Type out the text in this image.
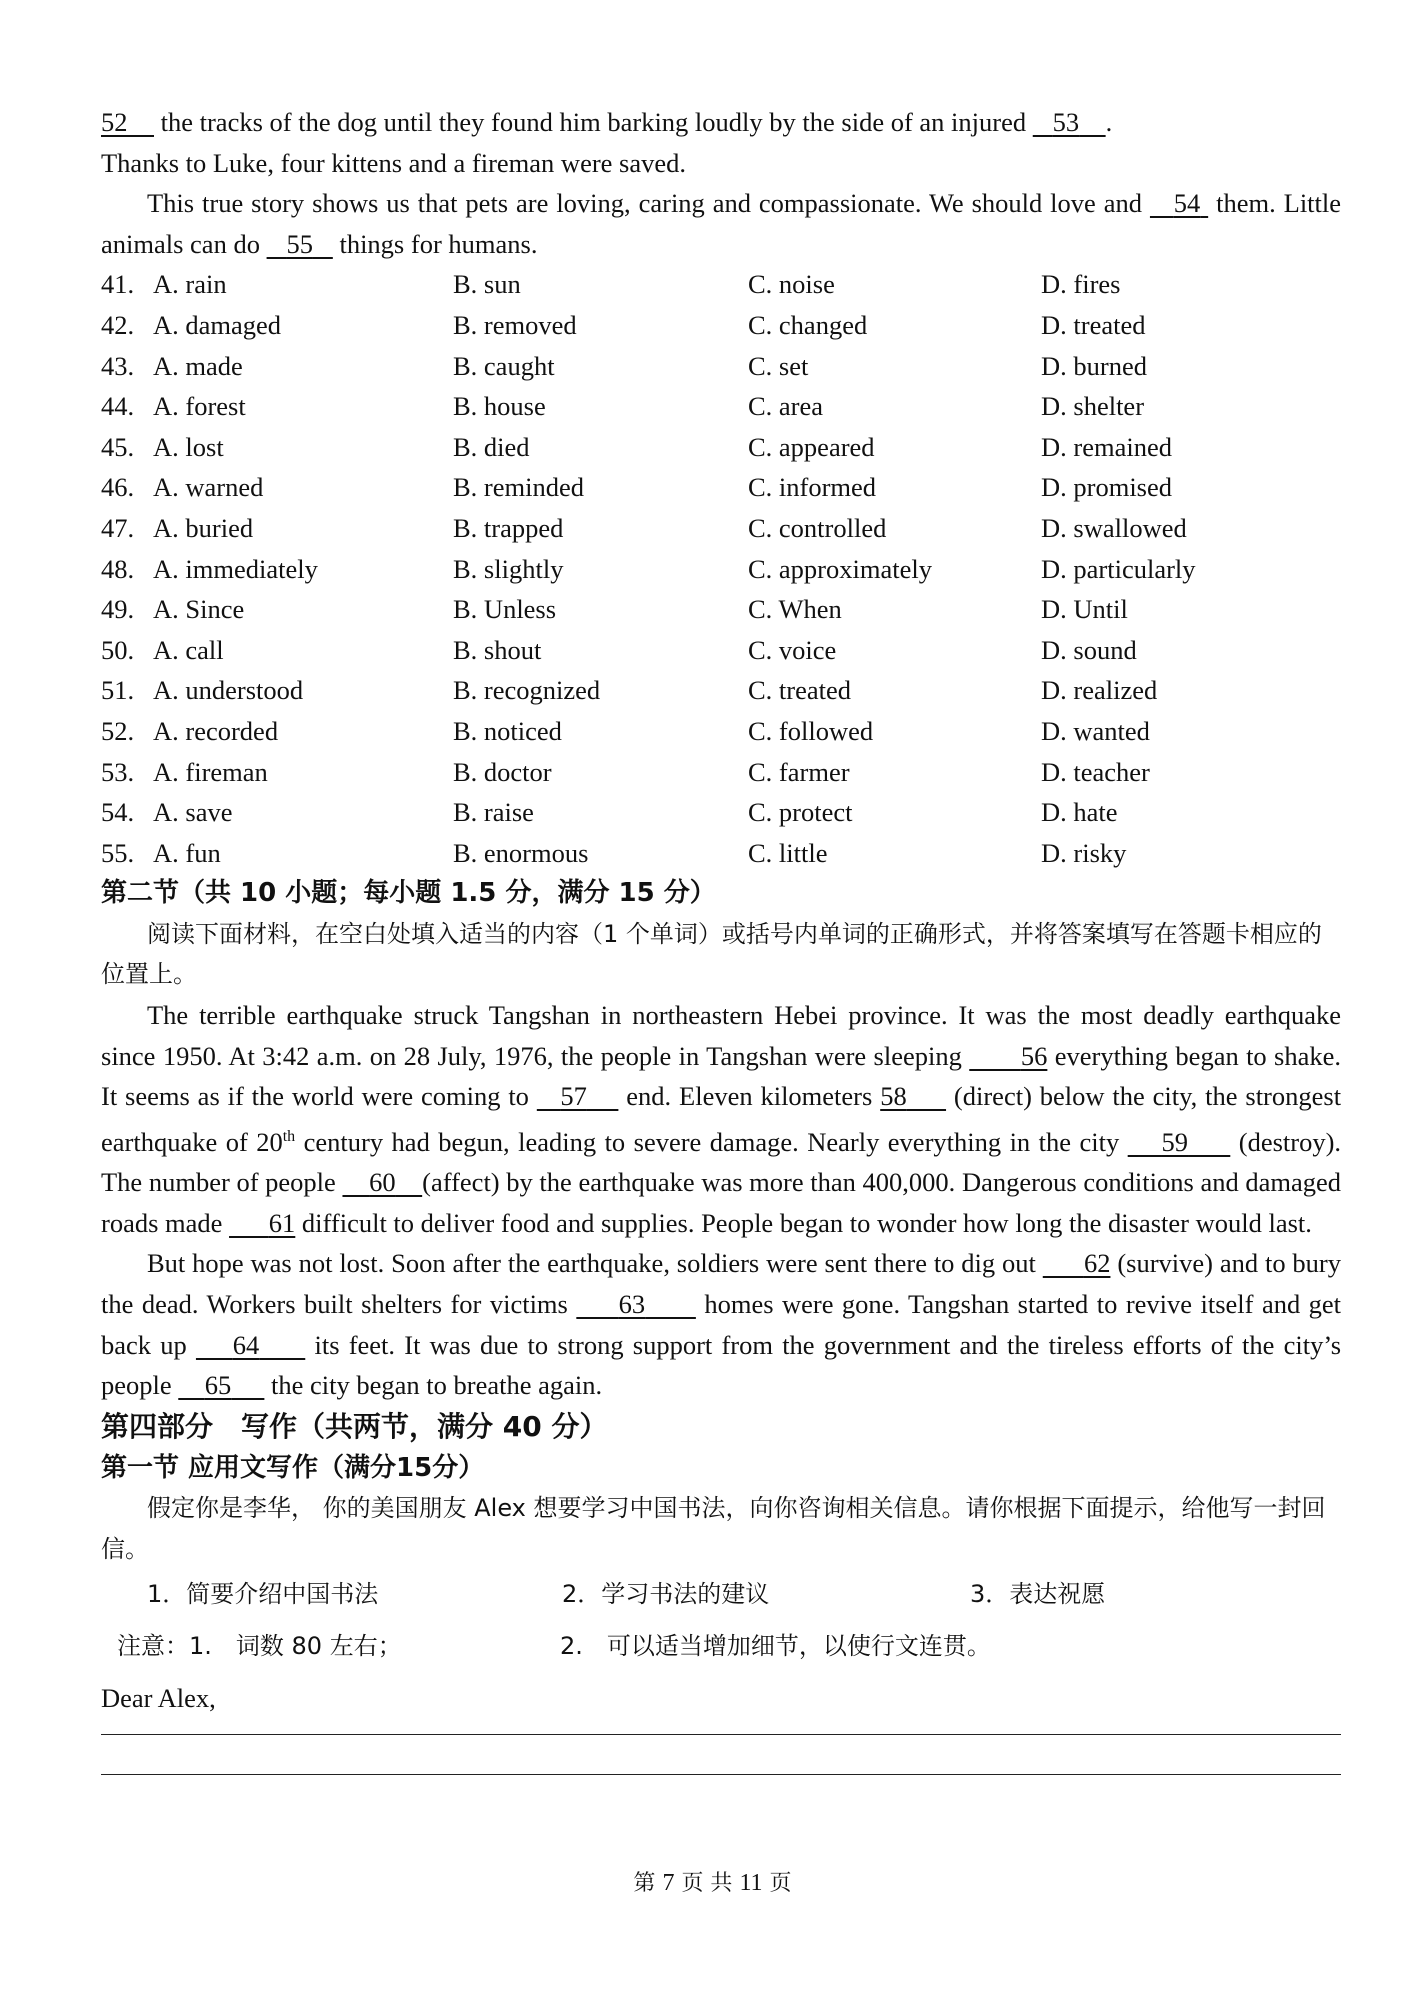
52 the tracks of the dog until they found him barking loudly by the side of an injured 53 .
Thanks to Luke, four kittens and a fireman were saved.

This true story shows us that pets are loving, caring and compassionate. We should love and 54 them. Little animals can do 55 things for humans.

41. A. rain	B. sun	C. noise	D. fires
42. A. damaged	B. removed	C. changed	D. treated
43. A. made	B. caught	C. set	D. burned
44. A. forest	B. house	C. area	D. shelter
45. A. lost	B. died	C. appeared	D. remained
46. A. warned	B. reminded	C. informed	D. promised
47. A. buried	B. trapped	C. controlled	D. swallowed
48. A. immediately	B. slightly	C. approximately	D. particularly
49. A. Since	B. Unless	C. When	D. Until
50. A. call	B. shout	C. voice	D. sound
51. A. understood	B. recognized	C. treated	D. realized
52. A. recorded	B. noticed	C. followed	D. wanted
53. A. fireman	B. doctor	C. farmer	D. teacher
54. A. save	B. raise	C. protect	D. hate
55. A. fun	B. enormous	C. little	D. risky

第二节（共 10 小题；每小题 1.5 分，满分 15 分）

阅读下面材料，在空白处填入适当的内容（1 个单词）或括号内单词的正确形式，并将答案填写在答题卡相应的位置上。

The terrible earthquake struck Tangshan in northeastern Hebei province. It was the most deadly earthquake since 1950. At 3:42 a.m. on 28 July, 1976, the people in Tangshan were sleeping 56 everything began to shake. It seems as if the world were coming to 57 end. Eleven kilometers 58 (direct) below the city, the strongest earthquake of 20th century had begun, leading to severe damage. Nearly everything in the city 59 (destroy). The number of people 60 (affect) by the earthquake was more than 400,000. Dangerous conditions and damaged roads made 61 difficult to deliver food and supplies. People began to wonder how long the disaster would last.

But hope was not lost. Soon after the earthquake, soldiers were sent there to dig out 62 (survive) and to bury the dead. Workers built shelters for victims 63 homes were gone. Tangshan started to revive itself and get back up 64 its feet. It was due to strong support from the government and the tireless efforts of the city’s people 65 the city began to breathe again.

第四部分　写作（共两节，满分 40 分）

第一节 应用文写作（满分15分）

假定你是李华， 你的美国朋友 Alex 想要学习中国书法，向你咨询相关信息。请你根据下面提示，给他写一封回信。

1．简要介绍中国书法	2．学习书法的建议	3．表达祝愿
注意：1.　词数 80 左右；	2.　可以适当增加细节，以使行文连贯。

Dear Alex,

第 7 页 共 11 页
